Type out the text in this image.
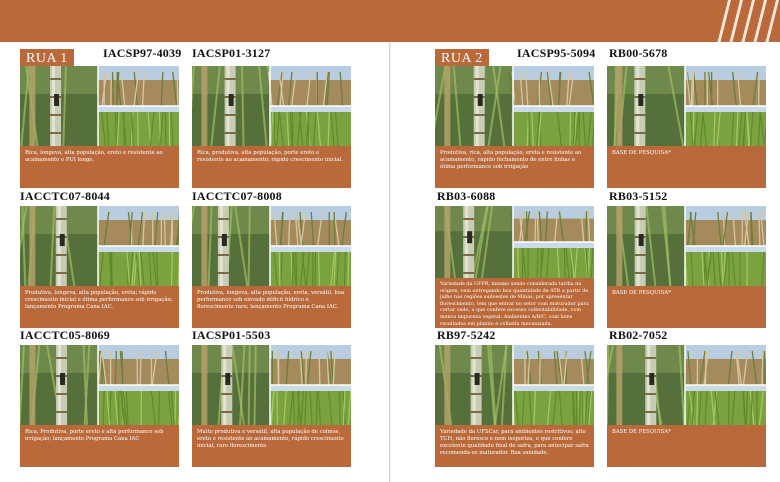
RUA 1	IACSP97-4039 IACSP01-3127
IACCTC07-8044	IACCTC07-8008
IACCTC05-8069	IACSP01-5503
Rica, longeva, alta população, ereto e resistente ao acamamento e PUI longo.
Rica, produtiva, alta população, porte ereto e resistente ao acamamento; rápido crescimento inicial.
Produtiva, longeva, alta população, ereta; rápido crescimento inicial e ótima performance sob irrigação; lançamento Programa Cana IAC.
Produtiva, longeva, alta população, ereta, versátil, boa performance sob elevado déficit hídrico e florescimento raro; lançamento Programa Cana IAC.
Rica, Produtiva, porte ereto e alta performance sob irrigação; lançamento Programa Cana IAC
Muito produtiva e versátil, alta população de colmos, ereto e resistente ao acamamento, rápido crescimento inicial, raro florescimento
RUA 2	IACSP95-5094 RB00-5678
RB03-6088	RB03-5152
RB97-5242	RB02-7052
Produtiva, rica, alta população, ereta e resistente ao acamamento, rápido fechamento de entre linhas e ótima performance sob irrigação
BASE DE PESQUISA*
Variedade da UFPR, mesmo sendo considerada tardia na origem, vem entregando boa quantidade de ATR a partir de julho nas regiões sudoestes de Minas, por apresentar florescimento, tem que entrar no setor com maturador para cortar cedo, a que confere excesso colheitabilidade, com menos impureza vegetal. Ambientes A/B/C, com bons resultados em plantio e colheita mecanizada.
BASE DE PESQUISA*
Variedade da UFSCar, para ambientes restritivos; alto TCH, não floresce e nem isoporiza, o que confere excelente qualidade final de safra, para antecipar safra recomenda-se maturador. Boa sanidade.
BASE DE PESQUISA*
